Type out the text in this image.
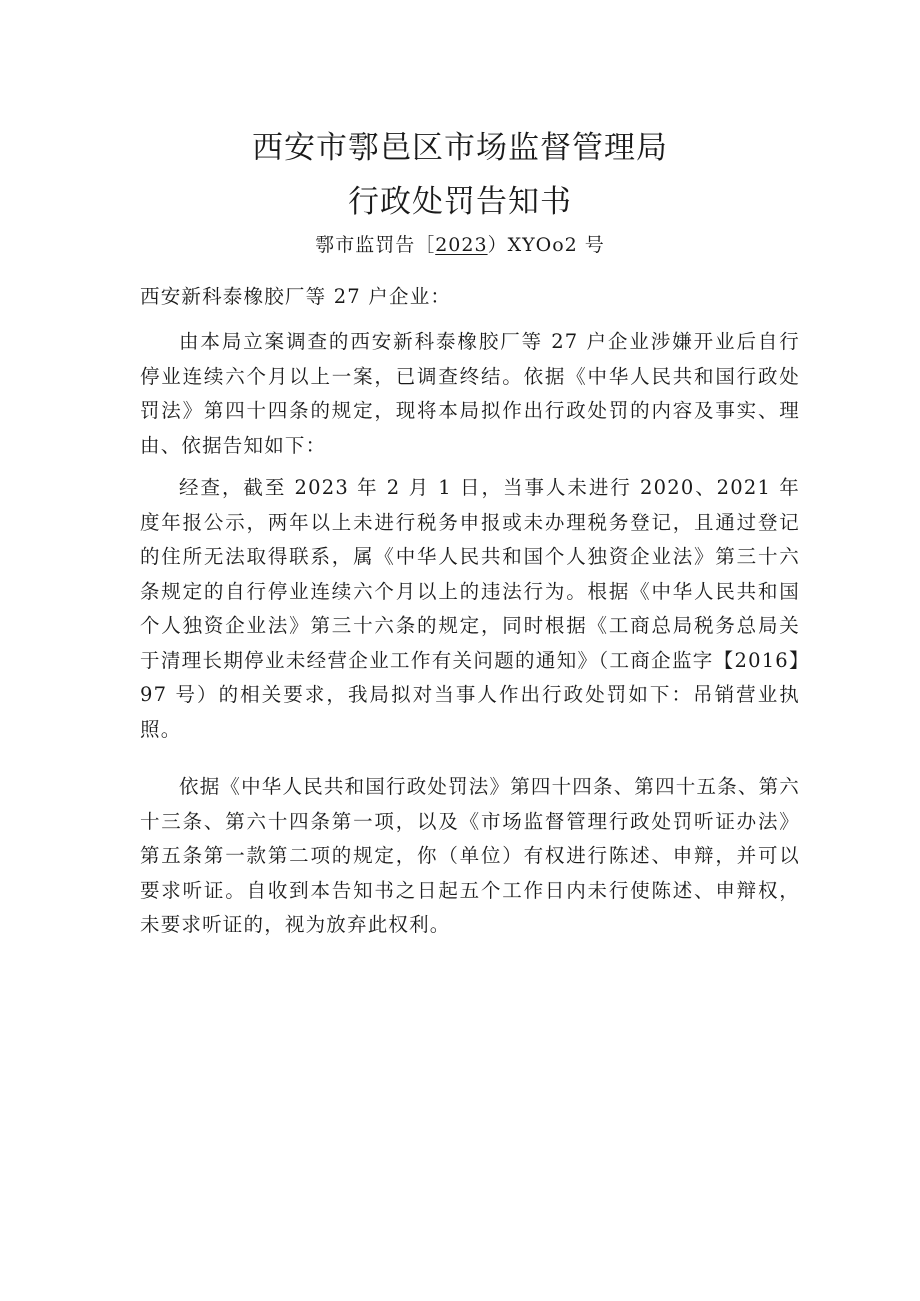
西安市鄠邑区市场监督管理局
行政处罚告知书
鄠市监罚告［2023）XYOo2 号

西安新科泰橡胶厂等 27 户企业：

由本局立案调查的西安新科泰橡胶厂等 27 户企业涉嫌开业后自行停业连续六个月以上一案，已调查终结。依据《中华人民共和国行政处罚法》第四十四条的规定，现将本局拟作出行政处罚的内容及事实、理由、依据告知如下：

经查，截至 2023 年 2 月 1 日，当事人未进行 2020、2021 年度年报公示，两年以上未进行税务申报或未办理税务登记，且通过登记的住所无法取得联系，属《中华人民共和国个人独资企业法》第三十六条规定的自行停业连续六个月以上的违法行为。根据《中华人民共和国个人独资企业法》第三十六条的规定，同时根据《工商总局税务总局关于清理长期停业未经营企业工作有关问题的通知》（工商企监字【2016】97 号）的相关要求，我局拟对当事人作出行政处罚如下：吊销营业执照。

依据《中华人民共和国行政处罚法》第四十四条、第四十五条、第六十三条、第六十四条第一项，以及《市场监督管理行政处罚听证办法》第五条第一款第二项的规定，你（单位）有权进行陈述、申辩，并可以要求听证。自收到本告知书之日起五个工作日内未行使陈述、申辩权，未要求听证的，视为放弃此权利。
